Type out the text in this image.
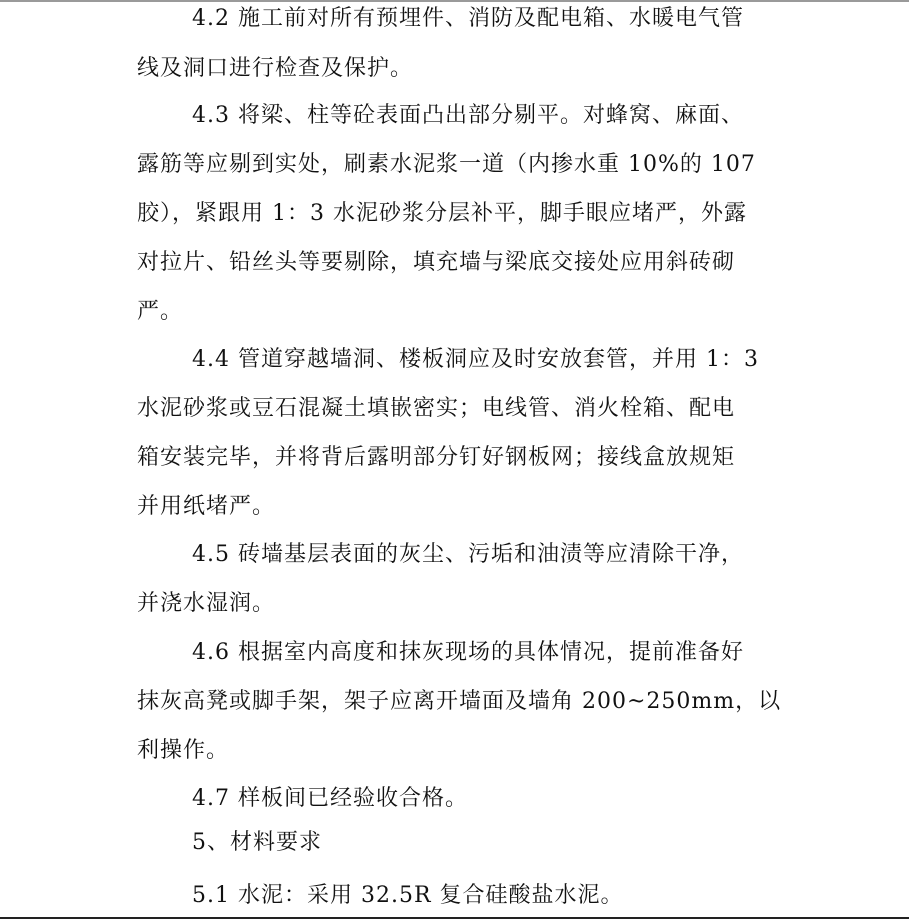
4.2 施工前对所有预埋件、消防及配电箱、水暖电气管
线及洞口进行检查及保护。
4.3 将梁、柱等砼表面凸出部分剔平。对蜂窝、麻面、
露筋等应剔到实处，刷素水泥浆一道（内掺水重 10%的 107
胶），紧跟用 1：3 水泥砂浆分层补平，脚手眼应堵严，外露
对拉片、铅丝头等要剔除，填充墙与梁底交接处应用斜砖砌
严。
4.4 管道穿越墙洞、楼板洞应及时安放套管，并用 1：3
水泥砂浆或豆石混凝土填嵌密实；电线管、消火栓箱、配电
箱安装完毕，并将背后露明部分钉好钢板网；接线盒放规矩
并用纸堵严。
4.5 砖墙基层表面的灰尘、污垢和油渍等应清除干净，
并浇水湿润。
4.6 根据室内高度和抹灰现场的具体情况，提前准备好
抹灰高凳或脚手架，架子应离开墙面及墙角 200~250mm，以
利操作。
4.7 样板间已经验收合格。
5、材料要求
5.1 水泥：采用 32.5R 复合硅酸盐水泥。
